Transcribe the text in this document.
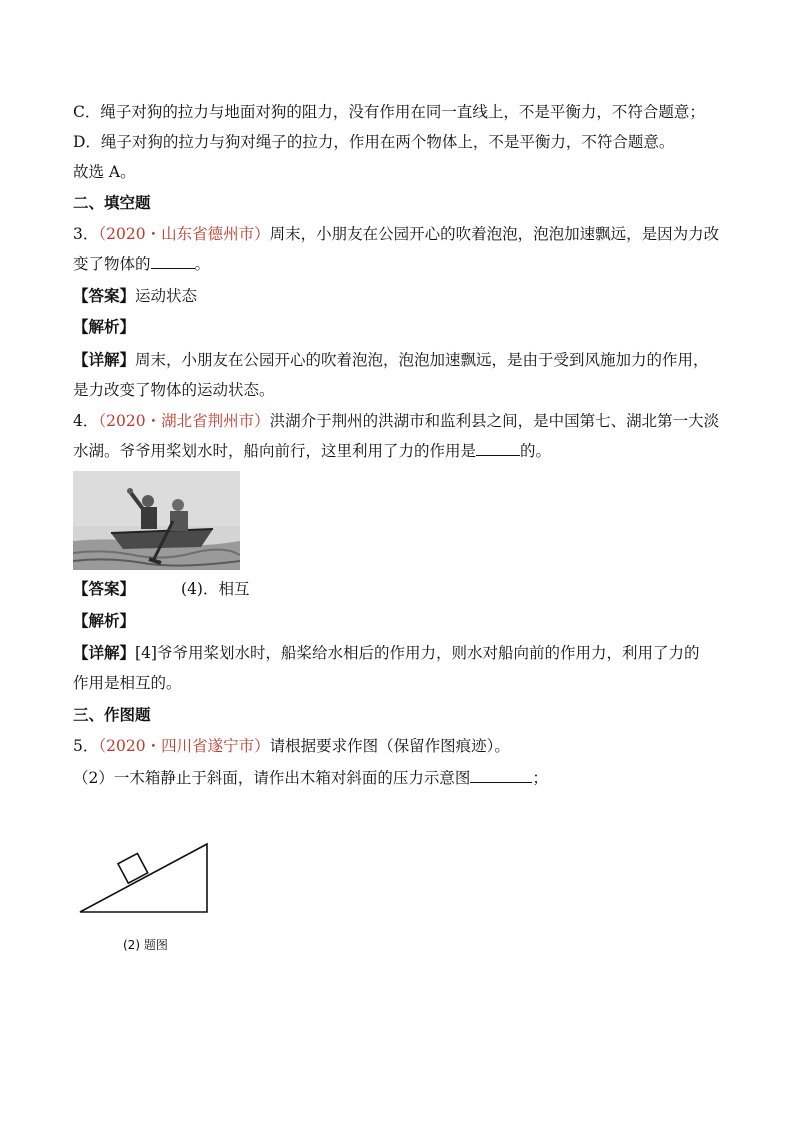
C．绳子对狗的拉力与地面对狗的阻力，没有作用在同一直线上，不是平衡力，不符合题意；
D．绳子对狗的拉力与狗对绳子的拉力，作用在两个物体上，不是平衡力，不符合题意。
故选 A。
二、填空题
3．（2020・山东省德州市）周末，小朋友在公园开心的吹着泡泡，泡泡加速飘远，是因为力改
变了物体的	。
【答案】运动状态
【解析】
【详解】周末，小朋友在公园开心的吹着泡泡，泡泡加速飘远，是由于受到风施加力的作用，
是力改变了物体的运动状态。
4．（2020・湖北省荆州市）洪湖介于荆州的洪湖市和监利县之间，是中国第七、湖北第一大淡
水湖。爷爷用桨划水时，船向前行，这里利用了力的作用是	的。
【答案】	(4)．相互
【解析】
【详解】[4]爷爷用桨划水时，船桨给水相后的作用力，则水对船向前的作用力，利用了力的
作用是相互的。
三、作图题
5．（2020・四川省遂宁市）请根据要求作图（保留作图痕迹）。
（2）一木箱静止于斜面，请作出木箱对斜面的压力示意图	；
(2) 题图
